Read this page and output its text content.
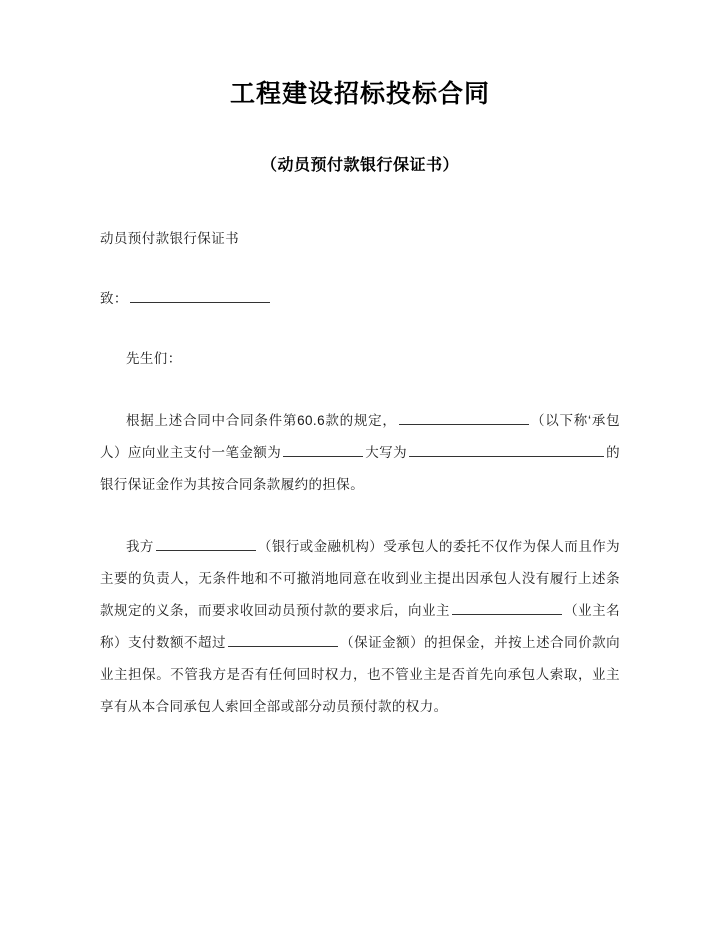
工程建设招标投标合同
（动员预付款银行保证书）

动员预付款银行保证书

致：

先生们：

根据上述合同中合同条件第60.6款的规定，	（以下称‘承包人）应向业主支付一笔金额为	大写为	的银行保证金作为其按合同条款履约的担保。

我方	（银行或金融机构）受承包人的委托不仅作为保人而且作为主要的负责人，无条件地和不可撤消地同意在收到业主提出因承包人没有履行上述条款规定的义条，而要求收回动员预付款的要求后，向业主	（业主名称）支付数额不超过	（保证金额）的担保金，并按上述合同价款向业主担保。不管我方是否有任何回时权力，也不管业主是否首先向承包人索取，业主享有从本合同承包人索回全部或部分动员预付款的权力。
